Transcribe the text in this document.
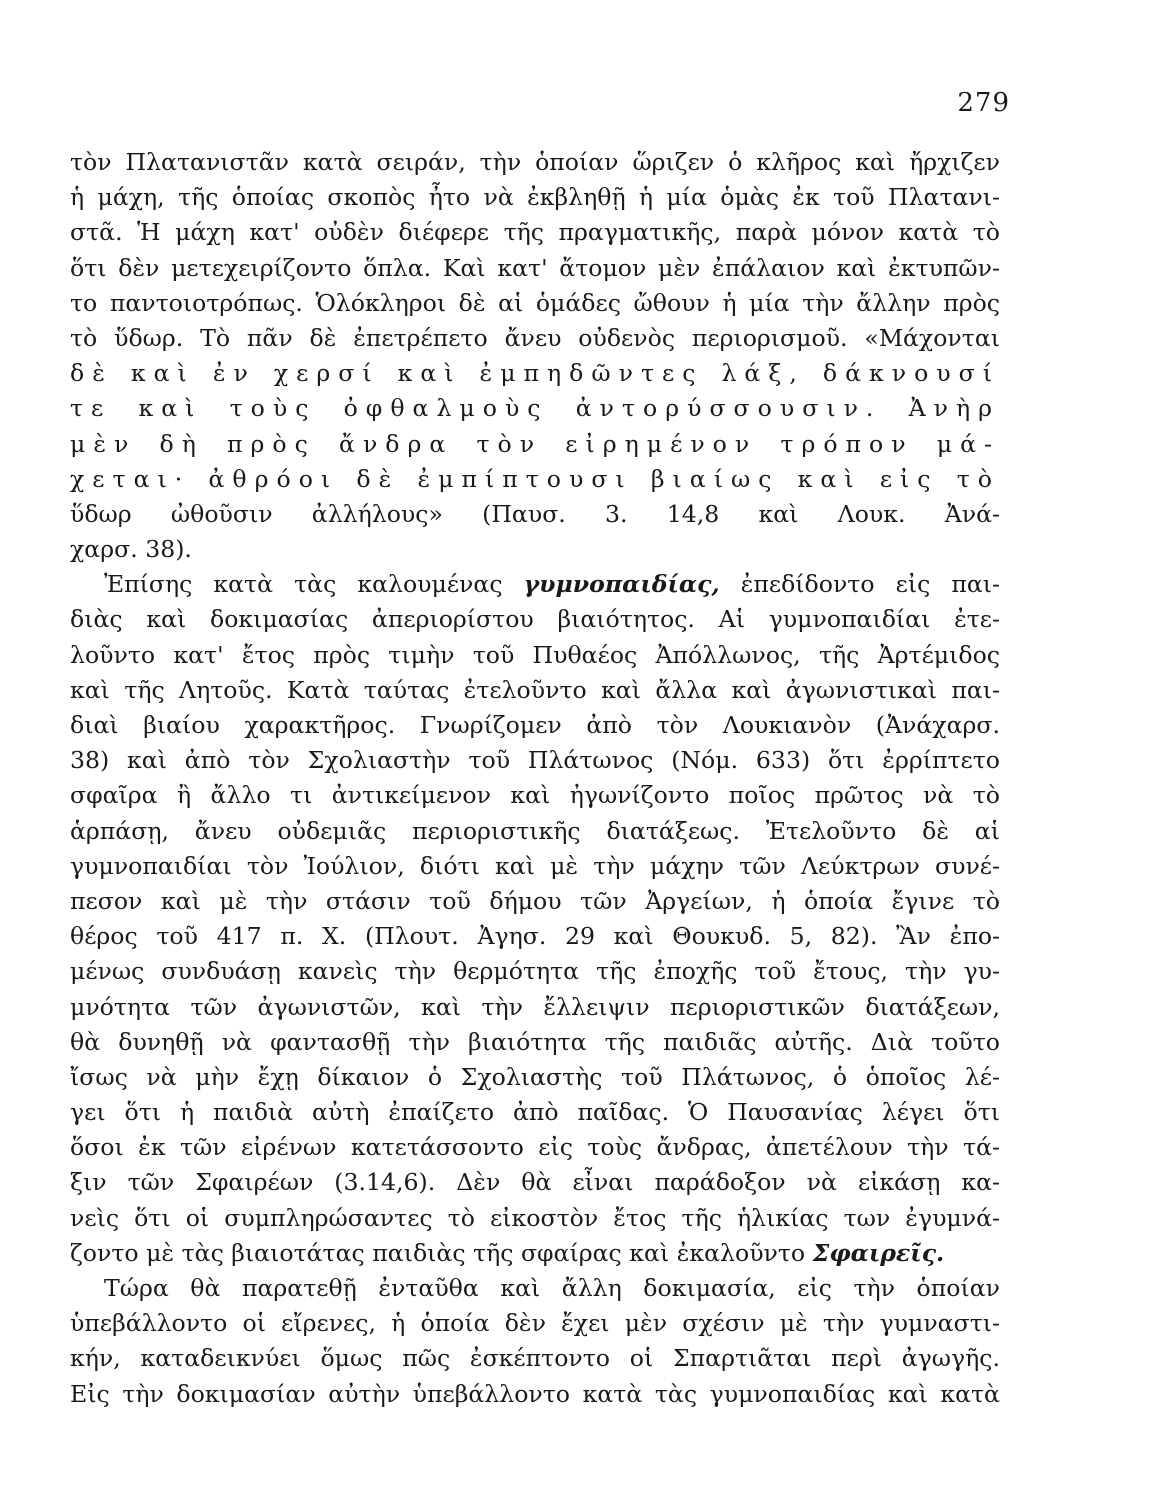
279
τὸν Πλατανιστᾶν κατὰ σειράν, τὴν ὁποίαν ὥριζεν ὁ κλῆρος καὶ ἤρχιζεν
ἡ μάχη, τῆς ὁποίας σκοπὸς ἦτο νὰ ἐκβληθῇ ἡ μία ὁμὰς ἐκ τοῦ Πλατανι-
στᾶ. Ἡ μάχη κατ' οὐδὲν διέφερε τῆς πραγματικῆς, παρὰ μόνον κατὰ τὸ
ὅτι δὲν μετεχειρίζοντο ὅπλα. Καὶ κατ' ἄτομον μὲν ἐπάλαιον καὶ ἐκτυπῶν-
το παντοιοτρόπως. Ὁλόκληροι δὲ αἱ ὁμάδες ὤθουν ἡ μία τὴν ἄλλην πρὸς
τὸ ὕδωρ. Τὸ πᾶν δὲ ἐπετρέπετο ἄνευ οὐδενὸς περιορισμοῦ. «Μάχονται
δὲ καὶ ἐν χερσί καὶ ἐμπηδῶντες λάξ, δάκνουσί
τε καὶ τοὺς ὀφθαλμοὺς ἀντορύσσουσιν. Ἀνὴρ
μὲν δὴ πρὸς ἄνδρα τὸν εἰρημένον τρόπον μά-
χεται· ἀθρόοι δὲ ἐμπίπτουσι βιαίως καὶ εἰς τὸ
ὕδωρ ὠθοῦσιν ἀλλήλους» (Παυσ. 3. 14,8 καὶ Λουκ. Ἀνά-
χαρσ. 38).
Ἐπίσης κατὰ τὰς καλουμένας γυμνοπαιδίας, ἐπεδίδοντο εἰς παι-
διὰς καὶ δοκιμασίας ἀπεριορίστου βιαιότητος. Αἱ γυμνοπαιδίαι ἐτε-
λοῦντο κατ' ἔτος πρὸς τιμὴν τοῦ Πυθαέος Ἀπόλλωνος, τῆς Ἀρτέμιδος
καὶ τῆς Λητοῦς. Κατὰ ταύτας ἐτελοῦντο καὶ ἄλλα καὶ ἀγωνιστικαὶ παι-
διαὶ βιαίου χαρακτῆρος. Γνωρίζομεν ἀπὸ τὸν Λουκιανὸν (Ἀνάχαρσ.
38) καὶ ἀπὸ τὸν Σχολιαστὴν τοῦ Πλάτωνος (Νόμ. 633) ὅτι ἐρρίπτετο
σφαῖρα ἢ ἄλλο τι ἀντικείμενον καὶ ἠγωνίζοντο ποῖος πρῶτος νὰ τὸ
ἁρπάσῃ, ἄνευ οὐδεμιᾶς περιοριστικῆς διατάξεως. Ἐτελοῦντο δὲ αἱ
γυμνοπαιδίαι τὸν Ἰούλιον, διότι καὶ μὲ τὴν μάχην τῶν Λεύκτρων συνέ-
πεσον καὶ μὲ τὴν στάσιν τοῦ δήμου τῶν Ἀργείων, ἡ ὁποία ἔγινε τὸ
θέρος τοῦ 417 π. Χ. (Πλουτ. Ἀγησ. 29 καὶ Θουκυδ. 5, 82). Ἂν ἐπο-
μένως συνδυάσῃ κανεὶς τὴν θερμότητα τῆς ἐποχῆς τοῦ ἔτους, τὴν γυ-
μνότητα τῶν ἀγωνιστῶν, καὶ τὴν ἔλλειψιν περιοριστικῶν διατάξεων,
θὰ δυνηθῇ νὰ φαντασθῇ τὴν βιαιότητα τῆς παιδιᾶς αὐτῆς. Διὰ τοῦτο
ἴσως νὰ μὴν ἔχῃ δίκαιον ὁ Σχολιαστὴς τοῦ Πλάτωνος, ὁ ὁποῖος λέ-
γει ὅτι ἡ παιδιὰ αὐτὴ ἐπαίζετο ἀπὸ παῖδας. Ὁ Παυσανίας λέγει ὅτι
ὅσοι ἐκ τῶν εἰρένων κατετάσσοντο εἰς τοὺς ἄνδρας, ἀπετέλουν τὴν τά-
ξιν τῶν Σφαιρέων (3.14,6). Δὲν θὰ εἶναι παράδοξον νὰ εἰκάσῃ κα-
νεὶς ὅτι οἱ συμπληρώσαντες τὸ εἰκοστὸν ἔτος τῆς ἡλικίας των ἐγυμνά-
ζοντο μὲ τὰς βιαιοτάτας παιδιὰς τῆς σφαίρας καὶ ἐκαλοῦντο Σφαιρεῖς.
Τώρα θὰ παρατεθῇ ἐνταῦθα καὶ ἄλλη δοκιμασία, εἰς τὴν ὁποίαν
ὑπεβάλλοντο οἱ εἴρενες, ἡ ὁποία δὲν ἔχει μὲν σχέσιν μὲ τὴν γυμναστι-
κήν, καταδεικνύει ὅμως πῶς ἐσκέπτοντο οἱ Σπαρτιᾶται περὶ ἀγωγῆς.
Εἰς τὴν δοκιμασίαν αὐτὴν ὑπεβάλλοντο κατὰ τὰς γυμνοπαιδίας καὶ κατὰ
